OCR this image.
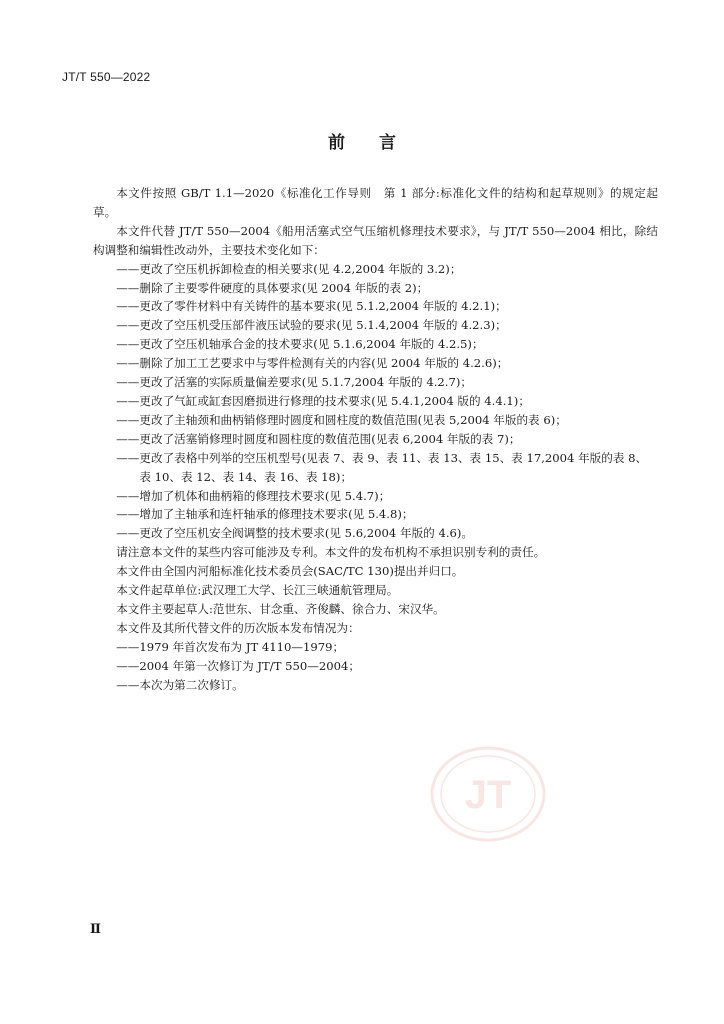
JT/T 550—2022
前　　言
本文件按照 GB/T 1.1—2020《标准化工作导则　第 1 部分:标准化文件的结构和起草规则》的规定起草。
本文件代替 JT/T 550—2004《船用活塞式空气压缩机修理技术要求》，与 JT/T 550—2004 相比，除结构调整和编辑性改动外，主要技术变化如下：
——更改了空压机拆卸检查的相关要求(见 4.2,2004 年版的 3.2)；
——删除了主要零件硬度的具体要求(见 2004 年版的表 2)；
——更改了零件材料中有关铸件的基本要求(见 5.1.2,2004 年版的 4.2.1)；
——更改了空压机受压部件液压试验的要求(见 5.1.4,2004 年版的 4.2.3)；
——更改了空压机轴承合金的技术要求(见 5.1.6,2004 年版的 4.2.5)；
——删除了加工工艺要求中与零件检测有关的内容(见 2004 年版的 4.2.6)；
——更改了活塞的实际质量偏差要求(见 5.1.7,2004 年版的 4.2.7)；
——更改了气缸或缸套因磨损进行修理的技术要求(见 5.4.1,2004 版的 4.4.1)；
——更改了主轴颈和曲柄销修理时圆度和圆柱度的数值范围(见表 5,2004 年版的表 6)；
——更改了活塞销修理时圆度和圆柱度的数值范围(见表 6,2004 年版的表 7)；
——更改了表格中列举的空压机型号(见表 7、表 9、表 11、表 13、表 15、表 17,2004 年版的表 8、
表 10、表 12、表 14、表 16、表 18)；
——增加了机体和曲柄箱的修理技术要求(见 5.4.7)；
——增加了主轴承和连杆轴承的修理技术要求(见 5.4.8)；
——更改了空压机安全阀调整的技术要求(见 5.6,2004 年版的 4.6)。
请注意本文件的某些内容可能涉及专利。本文件的发布机构不承担识别专利的责任。
本文件由全国内河船标准化技术委员会(SAC/TC 130)提出并归口。
本文件起草单位:武汉理工大学、长江三峡通航管理局。
本文件主要起草人:范世东、甘念重、齐俊麟、徐合力、宋汉华。
本文件及其所代替文件的历次版本发布情况为：
——1979 年首次发布为 JT 4110—1979；
——2004 年第一次修订为 JT/T 550—2004；
——本次为第二次修订。
JT
Ⅱ
